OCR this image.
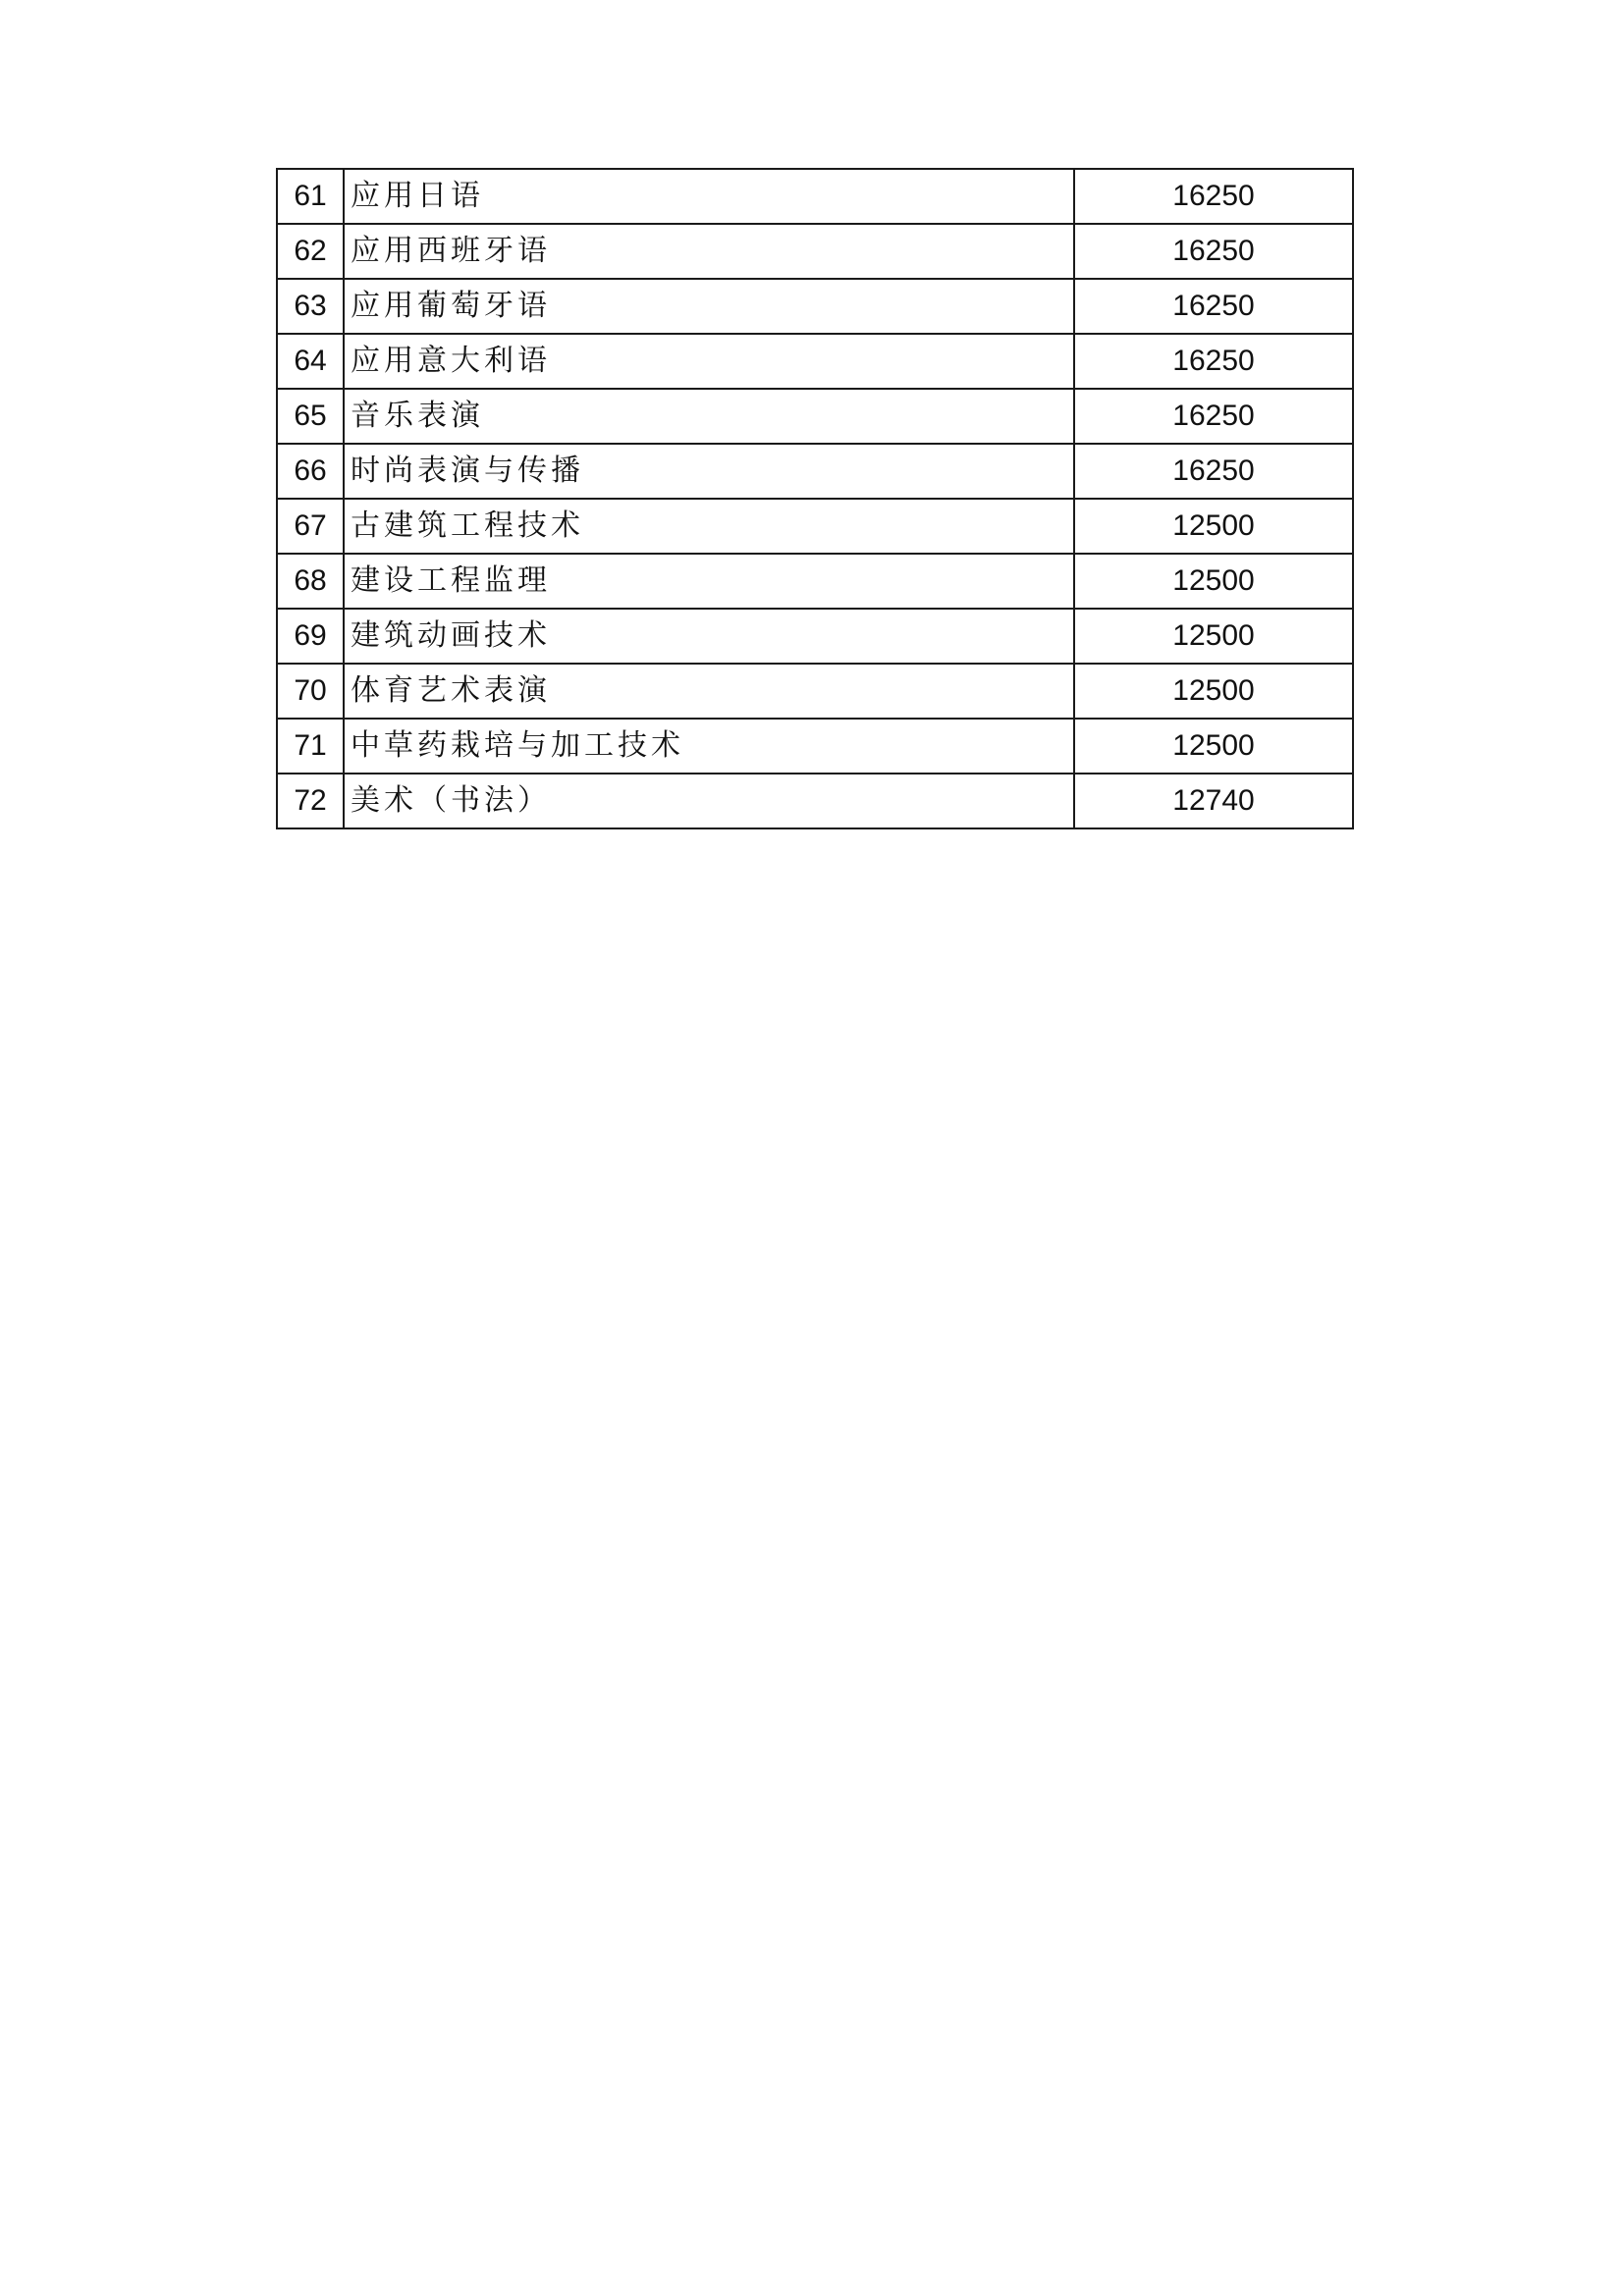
61	应用日语	16250
62	应用西班牙语	16250
63	应用葡萄牙语	16250
64	应用意大利语	16250
65	音乐表演	16250
66	时尚表演与传播	16250
67	古建筑工程技术	12500
68	建设工程监理	12500
69	建筑动画技术	12500
70	体育艺术表演	12500
71	中草药栽培与加工技术	12500
72	美术（书法）	12740
